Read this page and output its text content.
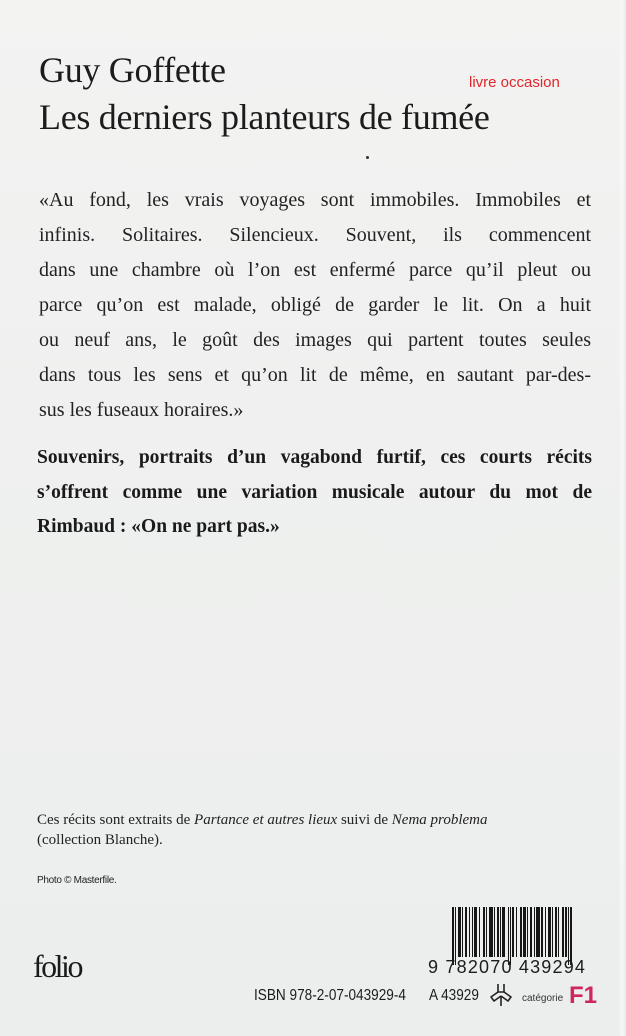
Guy Goffette
Les derniers planteurs de fumée
livre occasion

«Au fond, les vrais voyages sont immobiles. Immobiles et
infinis. Solitaires. Silencieux. Souvent, ils commencent
dans une chambre où l’on est enfermé parce qu’il pleut ou
parce qu’on est malade, obligé de garder le lit. On a huit
ou neuf ans, le goût des images qui partent toutes seules
dans tous les sens et qu’on lit de même, en sautant par-des-
sus les fuseaux horaires.»

Souvenirs, portraits d’un vagabond furtif, ces courts récits
s’offrent comme une variation musicale autour du mot de
Rimbaud : «On ne part pas.»

Ces récits sont extraits de Partance et autres lieux suivi de Nema problema
(collection Blanche).

Photo © Masterfile.
folio	9 782070 439294
ISBN 978-2-07-043929-4 A 43929	catégorie F1
